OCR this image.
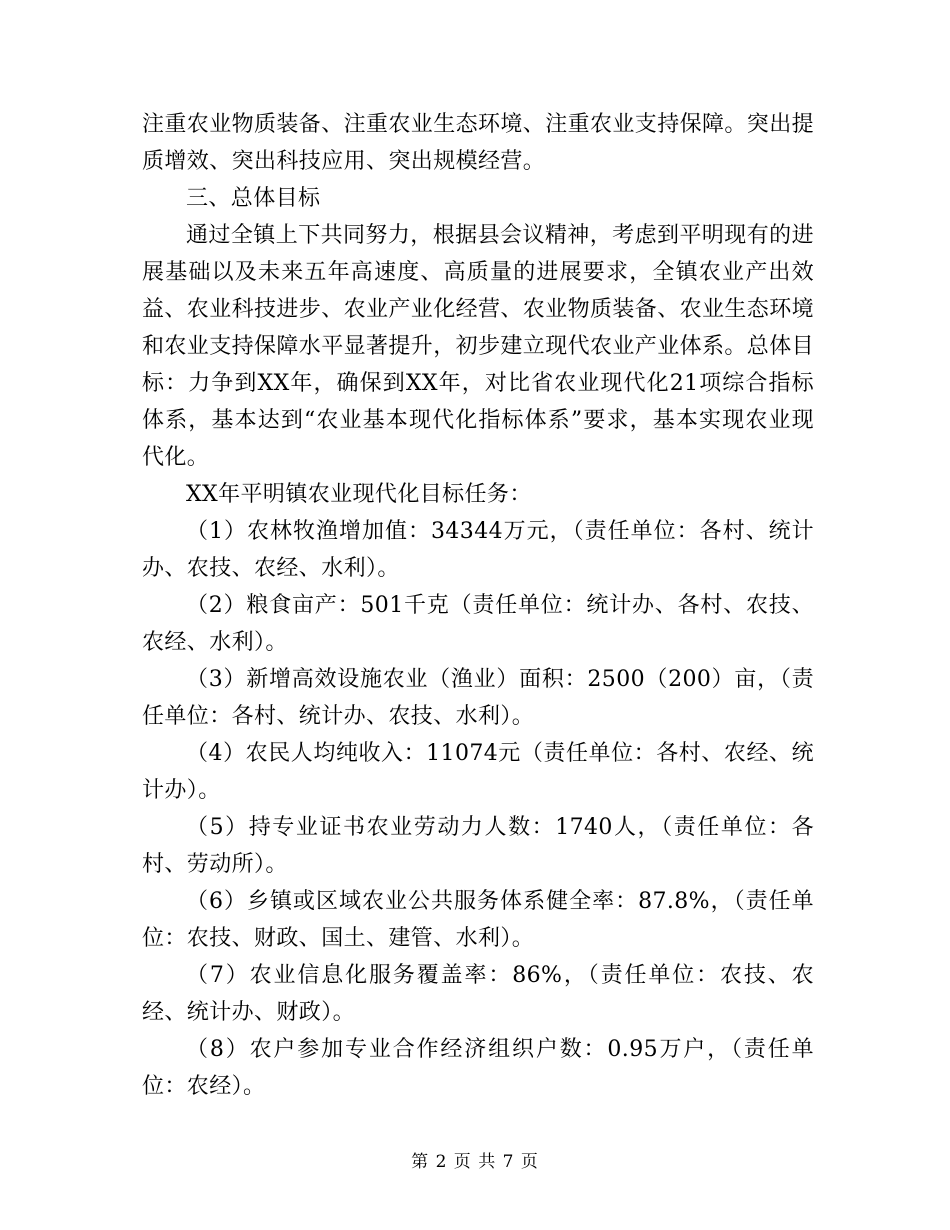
注重农业物质装备、注重农业生态环境、注重农业支持保障。突出提质增效、突出科技应用、突出规模经营。

三、总体目标

通过全镇上下共同努力，根据县会议精神，考虑到平明现有的进展基础以及未来五年高速度、高质量的进展要求，全镇农业产出效益、农业科技进步、农业产业化经营、农业物质装备、农业生态环境和农业支持保障水平显著提升，初步建立现代农业产业体系。总体目标：力争到XX年，确保到XX年，对比省农业现代化21项综合指标体系，基本达到“农业基本现代化指标体系”要求，基本实现农业现代化。

XX年平明镇农业现代化目标任务：

（1）农林牧渔增加值：34344万元，（责任单位：各村、统计办、农技、农经、水利）。

（2）粮食亩产：501千克（责任单位：统计办、各村、农技、农经、水利）。

（3）新增高效设施农业（渔业）面积：2500（200）亩，（责任单位：各村、统计办、农技、水利）。

（4）农民人均纯收入：11074元（责任单位：各村、农经、统计办）。

（5）持专业证书农业劳动力人数：1740人，（责任单位：各村、劳动所）。

（6）乡镇或区域农业公共服务体系健全率：87.8%，（责任单位：农技、财政、国土、建管、水利）。

（7）农业信息化服务覆盖率：86%，（责任单位：农技、农经、统计办、财政）。

（8）农户参加专业合作经济组织户数：0.95万户，（责任单位：农经）。

第 2 页 共 7 页
